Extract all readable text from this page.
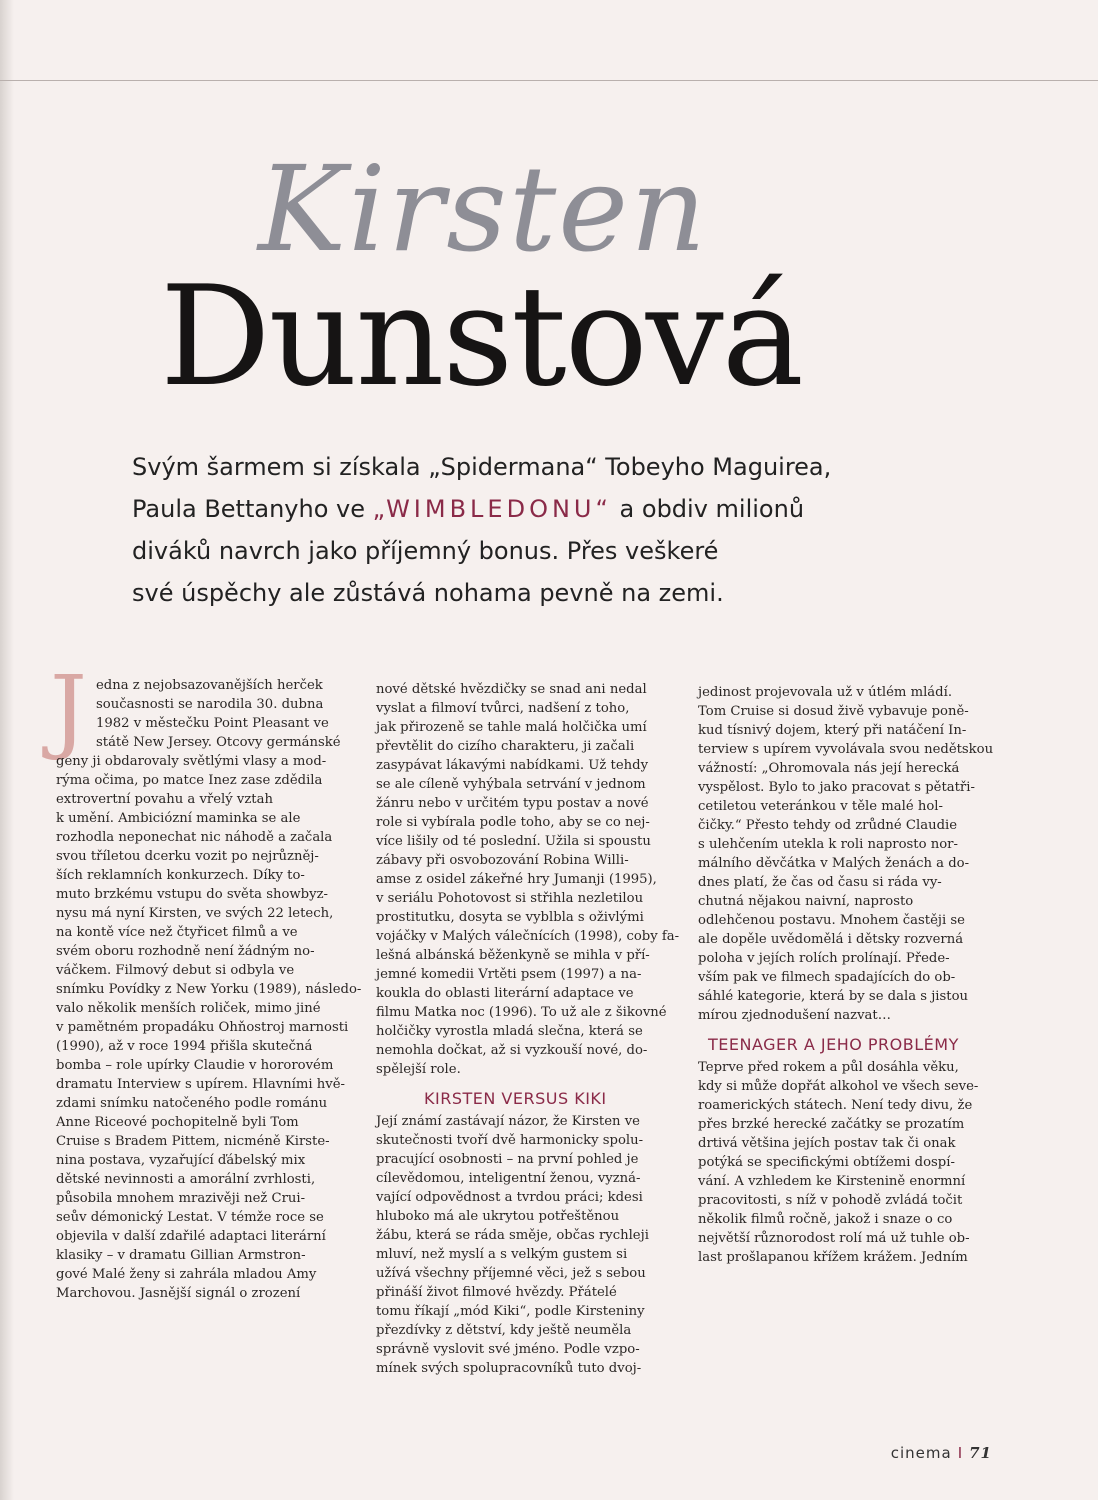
Kirsten
Dunstová
Svým šarmem si získala „Spidermana“ Tobeyho Maguirea,
Paula Bettanyho ve „WIMBLEDONU“ a obdiv milionů
diváků navrch jako příjemný bonus. Přes veškeré
své úspěchy ale zůstává nohama pevně na zemi.
J edna z nejobsazovanějších herček
současnosti se narodila 30. dubna
1982 v městečku Point Pleasant ve
státě New Jersey. Otcovy germánské
geny ji obdarovaly světlými vlasy a mod-
rýma očima, po matce Inez zase zdědila
extrovertní povahu a vřelý vztah
k umění. Ambiciózní maminka se ale
rozhodla neponechat nic náhodě a začala
svou tříletou dcerku vozit po nejrůzněj-
ších reklamních konkurzech. Díky to-
muto brzkému vstupu do světa showbyz-
nysu má nyní Kirsten, ve svých 22 letech,
na kontě více než čtyřicet filmů a ve
svém oboru rozhodně není žádným no-
váčkem. Filmový debut si odbyla ve
snímku Povídky z New Yorku (1989), následo-
valo několik menších roliček, mimo jiné
v pamětném propadáku Ohňostroj marnosti
(1990), až v roce 1994 přišla skutečná
bomba – role upírky Claudie v hororovém
dramatu Interview s upírem. Hlavními hvě-
zdami snímku natočeného podle románu
Anne Riceové pochopitelně byli Tom
Cruise s Bradem Pittem, nicméně Kirste-
nina postava, vyzařující ďábelský mix
dětské nevinnosti a amorální zvrhlosti,
působila mnohem mrazivěji než Crui-
seův démonický Lestat. V témže roce se
objevila v další zdařilé adaptaci literární
klasiky – v dramatu Gillian Armstron-
gové Malé ženy si zahrála mladou Amy
Marchovou. Jasnější signál o zrození
nové dětské hvězdičky se snad ani nedal
vyslat a filmoví tvůrci, nadšení z toho,
jak přirozeně se tahle malá holčička umí
převtělit do cizího charakteru, ji začali
zasypávat lákavými nabídkami. Už tehdy
se ale cíleně vyhýbala setrvání v jednom
žánru nebo v určitém typu postav a nové
role si vybírala podle toho, aby se co nej-
více lišily od té poslední. Užila si spoustu
zábavy při osvobozování Robina Willi-
amse z osidel zákeřné hry Jumanji (1995),
v seriálu Pohotovost si střihla nezletilou
prostitutku, dosyta se vyblbla s oživlými
vojáčky v Malých válečnících (1998), coby fa-
lešná albánská běženkyně se mihla v pří-
jemné komedii Vrtěti psem (1997) a na-
koukla do oblasti literární adaptace ve
filmu Matka noc (1996). To už ale z šikovné
holčičky vyrostla mladá slečna, která se
nemohla dočkat, až si vyzkouší nové, do-
spělejší role.
KIRSTEN VERSUS KIKI
Její známí zastávají názor, že Kirsten ve
skutečnosti tvoří dvě harmonicky spolu-
pracující osobnosti – na první pohled je
cílevědomou, inteligentní ženou, vyzná-
vající odpovědnost a tvrdou práci; kdesi
hluboko má ale ukrytou potřeštěnou
žábu, která se ráda směje, občas rychleji
mluví, než myslí a s velkým gustem si
užívá všechny příjemné věci, jež s sebou
přináší život filmové hvězdy. Přátelé
tomu říkají „mód Kiki“, podle Kirsteniny
přezdívky z dětství, kdy ještě neuměla
správně vyslovit své jméno. Podle vzpo-
mínek svých spolupracovníků tuto dvoj-
jedinost projevovala už v útlém mládí.
Tom Cruise si dosud živě vybavuje poně-
kud tísnivý dojem, který při natáčení In-
terview s upírem vyvolávala svou nedětskou
vážností: „Ohromovala nás její herecká
vyspělost. Bylo to jako pracovat s pětatři-
cetiletou veteránkou v těle malé hol-
čičky.“ Přesto tehdy od zrůdné Claudie
s ulehčením utekla k roli naprosto nor-
málního děvčátka v Malých ženách a do-
dnes platí, že čas od času si ráda vy-
chutná nějakou naivní, naprosto
odlehčenou postavu. Mnohem častěji se
ale dopěle uvědomělá i dětsky rozverná
poloha v jejích rolích prolínají. Přede-
vším pak ve filmech spadajících do ob-
sáhlé kategorie, která by se dala s jistou
mírou zjednodušení nazvat…
TEENAGER A JEHO PROBLÉMY
Teprve před rokem a půl dosáhla věku,
kdy si může dopřát alkohol ve všech seve-
roamerických státech. Není tedy divu, že
přes brzké herecké začátky se prozatím
drtivá většina jejích postav tak či onak
potýká se specifickými obtížemi dospí-
vání. A vzhledem ke Kirstenině enormní
pracovitosti, s níž v pohodě zvládá točit
několik filmů ročně, jakož i snaze o co
největší různorodost rolí má už tuhle ob-
last prošlapanou křížem krážem. Jedním
cinema I 71
